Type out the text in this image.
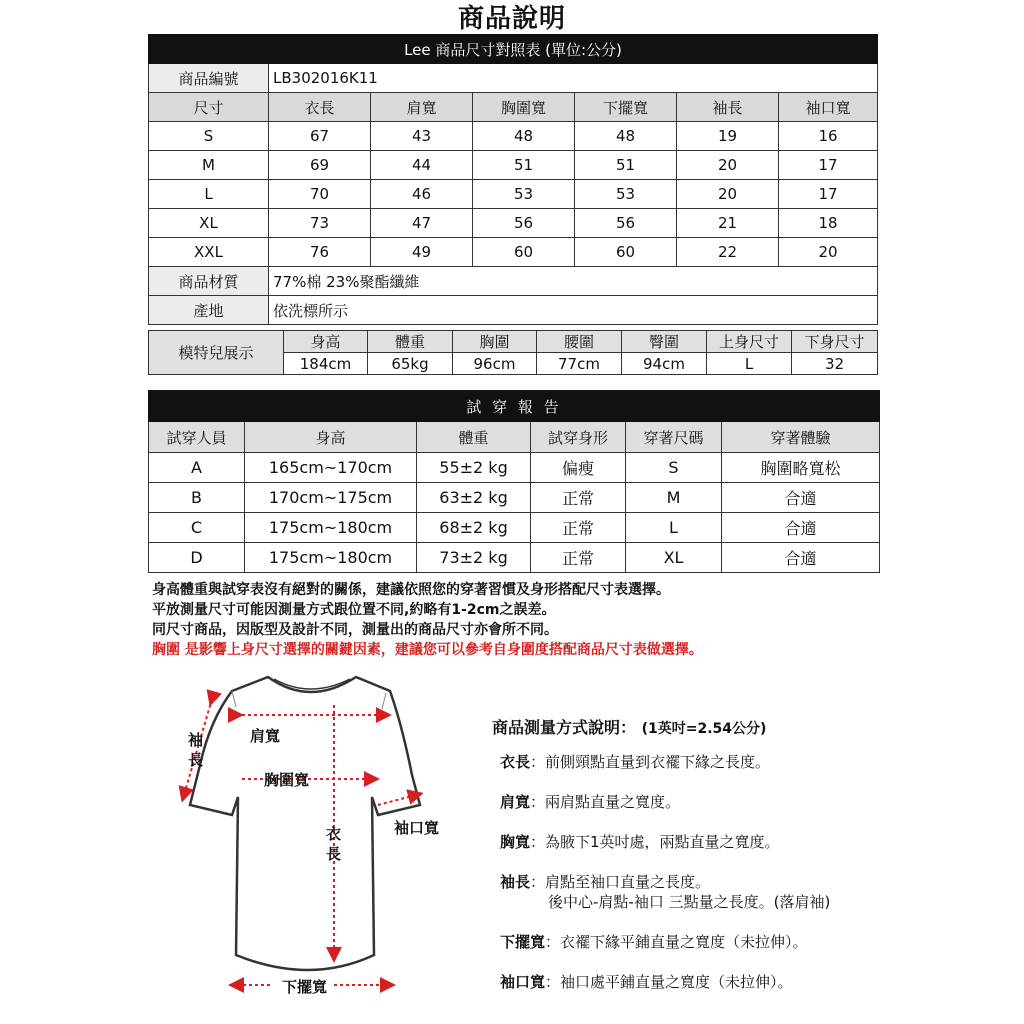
商品說明
Lee 商品尺寸對照表 (單位:公分)						
商品編號	LB302016K11					
尺寸	衣長	肩寬	胸圍寬	下擺寬	袖長	袖口寬
S	67	43	48	48	19	16
M	69	44	51	51	20	17
L	70	46	53	53	20	17
XL	73	47	56	56	21	18
XXL	76	49	60	60	22	20
商品材質	77%棉 23%聚酯纖維					
產地	依洗標所示					
模特兒展示	身高	體重	胸圍	腰圍	臀圍	上身尺寸	下身尺寸
	184cm	65kg	96cm	77cm	94cm	L	32
試 穿 報 告					
試穿人員	身高	體重	試穿身形	穿著尺碼	穿著體驗
A	165cm~170cm	55±2 kg	偏瘦	S	胸圍略寬松
B	170cm~175cm	63±2 kg	正常	M	合適
C	175cm~180cm	68±2 kg	正常	L	合適
D	175cm~180cm	73±2 kg	正常	XL	合適
身高體重與試穿表沒有絕對的關係，建議依照您的穿著習慣及身形搭配尺寸表選擇。
平放測量尺寸可能因測量方式跟位置不同,約略有1-2cm之誤差。
同尺寸商品，因版型及設計不同，測量出的商品尺寸亦會所不同。
胸圍 是影響上身尺寸選擇的關鍵因素，建議您可以參考自身圍度搭配商品尺寸表做選擇。
袖
長
肩寬
胸圍寬
衣
長
袖口寬
下擺寬
商品測量方式說明： (1英吋=2.54公分)
衣長：前側頸點直量到衣襬下緣之長度。
肩寬：兩肩點直量之寬度。
胸寬：為腋下1英吋處，兩點直量之寬度。
袖長：肩點至袖口直量之長度。
後中心-肩點-袖口 三點量之長度。(落肩袖)
下擺寬：衣襬下緣平鋪直量之寬度（未拉伸）。
袖口寬：袖口處平鋪直量之寬度（未拉伸）。
